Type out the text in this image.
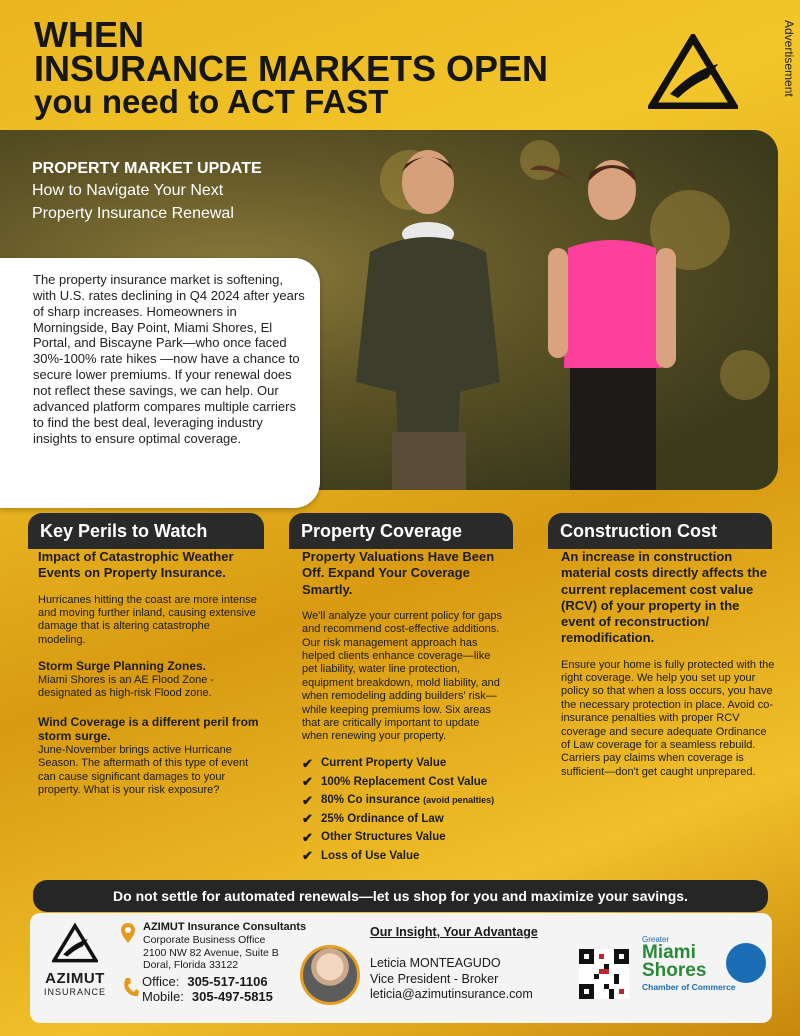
WHEN
INSURANCE MARKETS OPEN
you need to ACT FAST
Advertisement
PROPERTY MARKET UPDATE
How to Navigate Your Next
Property Insurance Renewal
The property insurance market is softening, with U.S. rates declining in Q4 2024 after years of sharp increases. Homeowners in Morningside, Bay Point, Miami Shores, El Portal, and Biscayne Park—who once faced 30%-100% rate hikes —now have a chance to secure lower premiums. If your renewal does not reflect these savings, we can help. Our advanced platform compares multiple carriers to find the best deal, leveraging industry insights to ensure optimal coverage.
Key Perils to Watch
Impact of Catastrophic Weather Events on Property Insurance.

Hurricanes hitting the coast are more intense and moving further inland, causing extensive damage that is altering catastrophe modeling.

Storm Surge Planning Zones.

Miami Shores is an AE Flood Zone - designated as high-risk Flood zone.

Wind Coverage is a different peril from storm surge.

June-November brings active Hurricane Season. The aftermath of this type of event can cause significant damages to your property. What is your risk exposure?

Property Coverage
Property Valuations Have Been Off. Expand Your Coverage Smartly.

We'll analyze your current policy for gaps and recommend cost-effective additions. Our risk management approach has helped clients enhance coverage—like pet liability, water line protection, equipment breakdown, mold liability, and when remodeling adding builders' risk—while keeping premiums low. Six areas that are critically important to update when renewing your property.

✔ Current Property Value
✔ 100% Replacement Cost Value
✔ 80% Co insurance (avoid penalties)
✔ 25% Ordinance of Law
✔ Other Structures Value
✔ Loss of Use Value
Construction Cost
An increase in construction material costs directly affects the current replacement cost value (RCV) of your property in the event of reconstruction/ remodification.

Ensure your home is fully protected with the right coverage. We help you set up your policy so that when a loss occurs, you have the necessary protection in place. Avoid co-insurance penalties with proper RCV coverage and secure adequate Ordinance of Law coverage for a seamless rebuild. Carriers pay claims when coverage is sufficient—don't get caught unprepared.

Do not settle for automated renewals—let us shop for you and maximize your savings.
AZIMUT
INSURANCE
AZIMUT Insurance Consultants
Corporate Business Office
2100 NW 82 Avenue, Suite B
Doral, Florida 33122
Office: 305-517-1106
Mobile: 305-497-5815
Our Insight, Your Advantage
Leticia MONTEAGUDO
Vice President - Broker
leticia@azimutinsurance.com
Greater
Miami
Shores
Chamber of Commerce
